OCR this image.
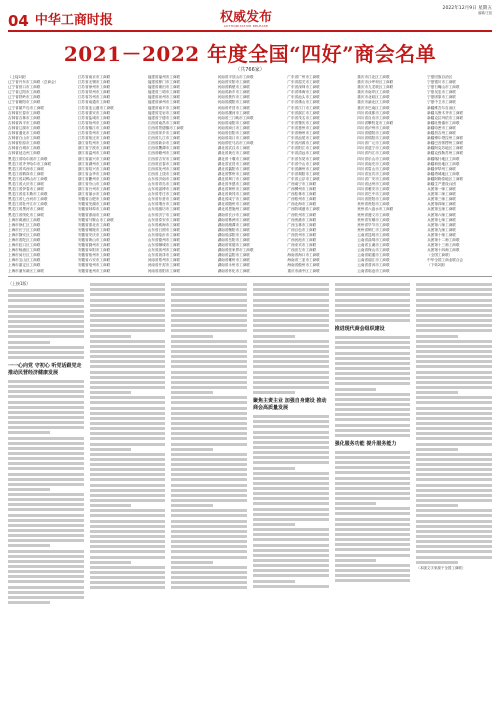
04 中华工商时报	权威发布
AUTHORITATIVE RELEASE
2022年12月9日 星期五
编辑/王旭
2021－2022 年度全国“四好”商会名单
（共766家）
（上接1版）
辽宁省丹东市工商联（总商会）
辽宁省营口市工商联
辽宁省辽阳市工商联
辽宁省铁岭市工商联
辽宁省朝阳市工商联
辽宁省葫芦岛市工商联
吉林省长春市工商联
吉林省吉林市工商联
吉林省四平市工商联
吉林省辽源市工商联
吉林省通化市工商联
吉林省白山市工商联
吉林省松原市工商联
吉林省白城市工商联
吉林省延边州工商联
黑龙江省哈尔滨市工商联
黑龙江省齐齐哈尔市工商联
黑龙江省鸡西市工商联
黑龙江省鹤岗市工商联
黑龙江省双鸭山市工商联
黑龙江省大庆市工商联
黑龙江省伊春市工商联
黑龙江省佳木斯市工商联
黑龙江省七台河市工商联
黑龙江省牡丹江市工商联
黑龙江省黑河市工商联
黑龙江省绥化市工商联
上海市黄浦区工商联
上海市徐汇区工商联
上海市长宁区工商联
上海市静安区工商联
上海市普陀区工商联
上海市虹口区工商联
上海市杨浦区工商联
上海市闵行区工商联
上海市宝山区工商联
上海市嘉定区工商联
上海市浦东新区工商联
江苏省南京市工商联
江苏省无锡市工商联
江苏省徐州市工商联
江苏省常州市工商联
江苏省苏州市工商联
江苏省南通市工商联
江苏省连云港市工商联
江苏省淮安市工商联
江苏省盐城市工商联
江苏省扬州市工商联
江苏省镇江市工商联
江苏省泰州市工商联
江苏省宿迁市工商联
浙江省杭州市工商联
浙江省宁波市工商联
浙江省温州市工商联
浙江省嘉兴市工商联
浙江省湖州市工商联
浙江省绍兴市工商联
浙江省金华市工商联
浙江省衢州市工商联
浙江省舟山市工商联
浙江省台州市工商联
浙江省丽水市工商联
安徽省合肥市工商联
安徽省芜湖市工商联
安徽省蚌埠市工商联
安徽省淮南市工商联
安徽省马鞍山市工商联
安徽省淮北市工商联
安徽省铜陵市工商联
安徽省安庆市工商联
安徽省黄山市工商联
安徽省滁州市工商联
安徽省阜阳市工商联
安徽省宿州市工商联
安徽省六安市工商联
安徽省亳州市工商联
安徽省池州市工商联
福建省福州市工商联
福建省厦门市工商联
福建省莆田市工商联
福建省三明市工商联
福建省泉州市工商联
福建省漳州市工商联
福建省南平市工商联
福建省龙岩市工商联
福建省宁德市工商联
江西省南昌市工商联
江西省景德镇市工商联
江西省萍乡市工商联
江西省九江市工商联
江西省新余市工商联
江西省鹰潭市工商联
江西省赣州市工商联
江西省吉安市工商联
江西省宜春市工商联
江西省抚州市工商联
江西省上饶市工商联
山东省济南市工商联
山东省青岛市工商联
山东省淄博市工商联
山东省枣庄市工商联
山东省东营市工商联
山东省烟台市工商联
山东省潍坊市工商联
山东省济宁市工商联
山东省泰安市工商联
山东省威海市工商联
山东省日照市工商联
山东省临沂市工商联
山东省德州市工商联
山东省聊城市工商联
山东省滨州市工商联
山东省菏泽市工商联
河南省郑州市工商联
河南省开封市工商联
河南省洛阳市工商联
河南省平顶山市工商联
河南省安阳市工商联
河南省鹤壁市工商联
河南省新乡市工商联
河南省焦作市工商联
河南省濮阳市工商联
河南省许昌市工商联
河南省漯河市工商联
河南省三门峡市工商联
河南省南阳市工商联
河南省商丘市工商联
河南省信阳市工商联
河南省周口市工商联
河南省驻马店市工商联
湖北省武汉市工商联
湖北省黄石市工商联
湖北省十堰市工商联
湖北省宜昌市工商联
湖北省襄阳市工商联
湖北省鄂州市工商联
湖北省荆门市工商联
湖北省孝感市工商联
湖北省荆州市工商联
湖北省黄冈市工商联
湖北省咸宁市工商联
湖北省随州市工商联
湖北省恩施州工商联
湖南省长沙市工商联
湖南省株洲市工商联
湖南省湘潭市工商联
湖南省衡阳市工商联
湖南省邵阳市工商联
湖南省岳阳市工商联
湖南省常德市工商联
湖南省张家界市工商联
湖南省益阳市工商联
湖南省郴州市工商联
湖南省永州市工商联
湖南省怀化市工商联
广东省广州市工商联
广东省韶关市工商联
广东省深圳市工商联
广东省珠海市工商联
广东省汕头市工商联
广东省佛山市工商联
广东省江门市工商联
广东省湛江市工商联
广东省茂名市工商联
广东省肇庆市工商联
广东省惠州市工商联
广东省梅州市工商联
广东省汕尾市工商联
广东省河源市工商联
广东省阳江市工商联
广东省清远市工商联
广东省东莞市工商联
广东省中山市工商联
广东省潮州市工商联
广东省揭阳市工商联
广东省云浮市工商联
广西南宁市工商联
广西柳州市工商联
广西桂林市工商联
广西梧州市工商联
广西北海市工商联
广西防城港市工商联
广西钦州市工商联
广西贵港市工商联
广西玉林市工商联
广西百色市工商联
广西贺州市工商联
广西河池市工商联
广西来宾市工商联
广西崇左市工商联
海南省海口市工商联
海南省三亚市工商联
海南省儋州市工商联
重庆市渝中区工商联
重庆市江北区工商联
重庆市沙坪坝区工商联
重庆市九龙坡区工商联
重庆市南岸区工商联
重庆市北碚区工商联
重庆市渝北区工商联
重庆市巴南区工商联
四川省成都市工商联
四川省自贡市工商联
四川省攀枝花市工商联
四川省泸州市工商联
四川省德阳市工商联
四川省绵阳市工商联
四川省广元市工商联
四川省遂宁市工商联
四川省内江市工商联
四川省乐山市工商联
四川省南充市工商联
四川省眉山市工商联
四川省宜宾市工商联
四川省广安市工商联
四川省达州市工商联
四川省雅安市工商联
四川省巴中市工商联
四川省资阳市工商联
贵州省贵阳市工商联
贵州省六盘水市工商联
贵州省遵义市工商联
贵州省安顺市工商联
贵州省毕节市工商联
贵州省铜仁市工商联
云南省昆明市工商联
云南省曲靖市工商联
云南省玉溪市工商联
云南省保山市工商联
云南省昭通市工商联
云南省丽江市工商联
云南省普洱市工商联
云南省临沧市工商联
宁夏回族自治区
宁夏银川市工商联
宁夏石嘴山市工商联
宁夏吴忠市工商联
宁夏固原市工商联
宁夏中卫市工商联
新疆维吾尔自治区
新疆乌鲁木齐市工商联
新疆克拉玛依市工商联
新疆吐鲁番市工商联
新疆哈密市工商联
新疆昌吉州工商联
新疆博尔塔拉州工商联
新疆巴音郭楞州工商联
新疆阿克苏地区工商联
新疆克孜勒苏州工商联
新疆喀什地区工商联
新疆和田地区工商联
新疆伊犁州工商联
新疆塔城地区工商联
新疆阿勒泰地区工商联
新疆生产建设兵团
兵团第一师工商联
兵团第二师工商联
兵团第三师工商联
兵团第四师工商联
兵团第五师工商联
兵团第六师工商联
兵团第七师工商联
兵团第八师工商联
兵团第九师工商联
兵团第十师工商联
兵团第十二师工商联
兵团第十三师工商联
兵团第十四师工商联
（全国工商联）
中华全国工商业联合会
（下转2版）
（上接1版）
一一心向党 守初心 听党话跟党走 推动民营经济健康发展
聚焦主责主业 加强自身建设 推动商会高质量发展
推进现代商会组织建设
强化服务功能 提升服务能力
（本版文字来源于全国工商联）
